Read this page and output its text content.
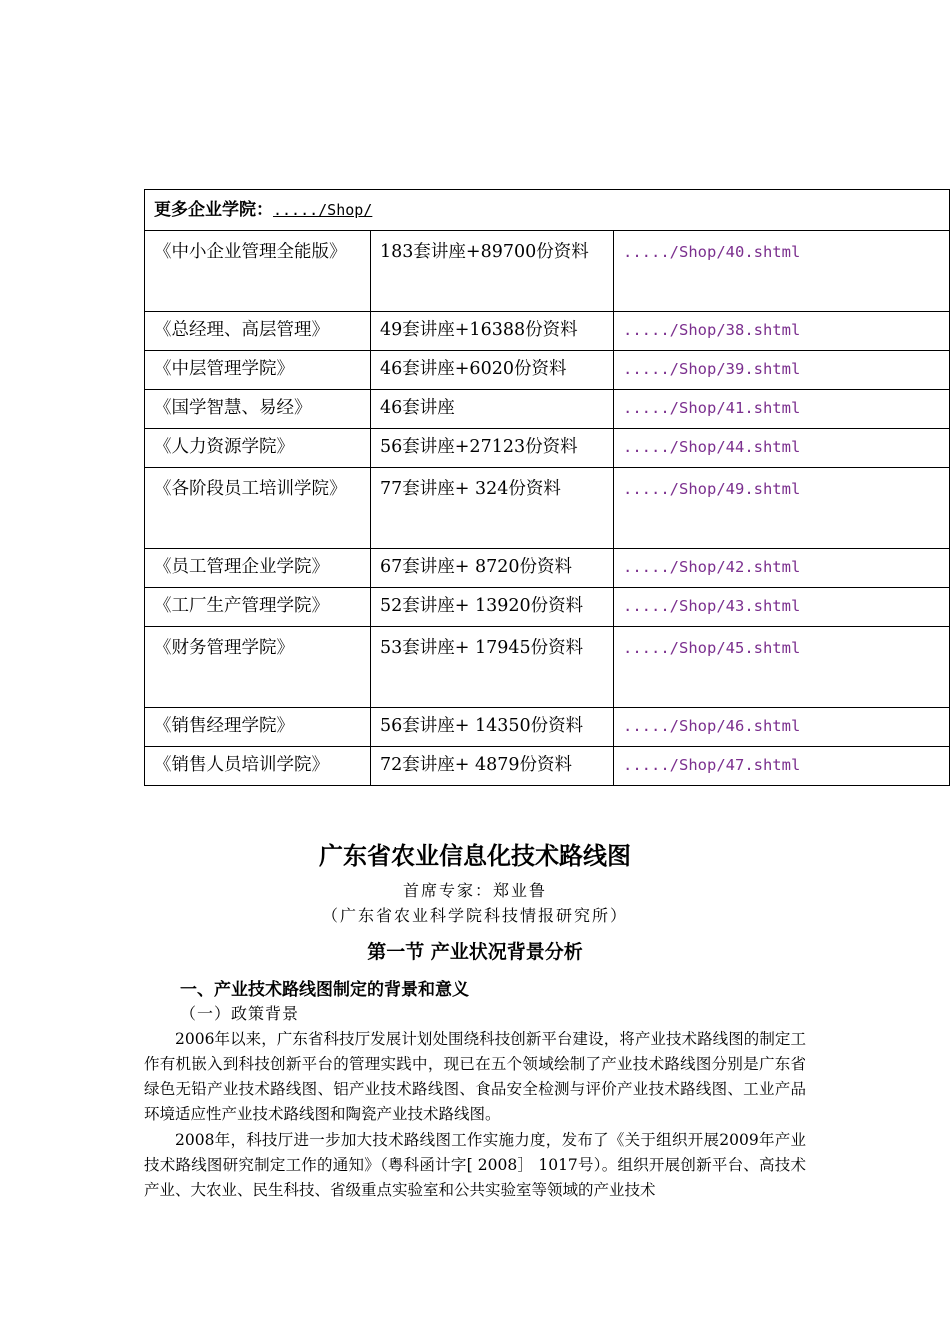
更多企业学院：...../Shop/		
《中小企业管理全能版》	183套讲座+89700份资料	...../Shop/40.shtml
《总经理、高层管理》	49套讲座+16388份资料	...../Shop/38.shtml
《中层管理学院》	46套讲座+6020份资料	...../Shop/39.shtml
《国学智慧、易经》	46套讲座	...../Shop/41.shtml
《人力资源学院》	56套讲座+27123份资料	...../Shop/44.shtml
《各阶段员工培训学院》	77套讲座+ 324份资料	...../Shop/49.shtml
《员工管理企业学院》	67套讲座+ 8720份资料	...../Shop/42.shtml
《工厂生产管理学院》	52套讲座+ 13920份资料	...../Shop/43.shtml
《财务管理学院》	53套讲座+ 17945份资料	...../Shop/45.shtml
《销售经理学院》	56套讲座+ 14350份资料	...../Shop/46.shtml
《销售人员培训学院》	72套讲座+ 4879份资料	...../Shop/47.shtml
广东省农业信息化技术路线图
首席专家：郑业鲁
（广东省农业科学院科技情报研究所）
第一节 产业状况背景分析
一、产业技术路线图制定的背景和意义
（一）政策背景
2006年以来，广东省科技厅发展计划处围绕科技创新平台建设，将产业技术路线图的制定工作有机嵌入到科技创新平台的管理实践中，现已在五个领域绘制了产业技术路线图分别是广东省绿色无铅产业技术路线图、铝产业技术路线图、食品安全检测与评价产业技术路线图、工业产品环境适应性产业技术路线图和陶瓷产业技术路线图。
2008年，科技厅进一步加大技术路线图工作实施力度，发布了《关于组织开展2009年产业技术路线图研究制定工作的通知》（粤科函计字[ 2008］ 1017号）。组织开展创新平台、高技术产业、大农业、民生科技、省级重点实验室和公共实验室等领域的产业技术
